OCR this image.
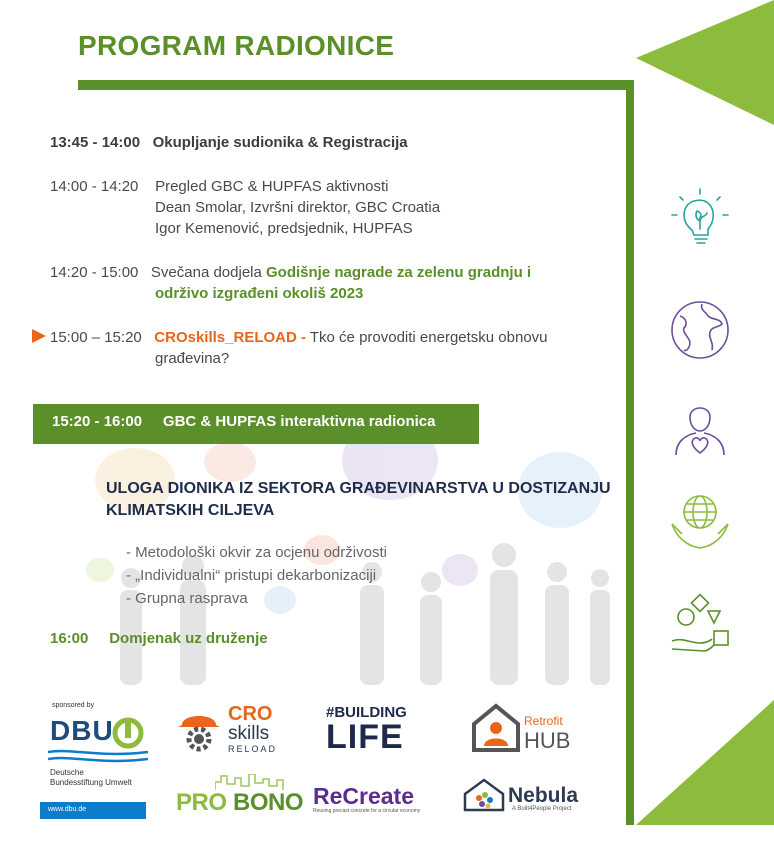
PROGRAM RADIONICE
13:45 - 14:00 Okupljanje sudionika & Registracija
14:00 - 14:20 Pregled GBC & HUPFAS aktivnosti
Dean Smolar, Izvršni direktor, GBC Croatia
Igor Kemenović, predsjednik, HUPFAS
14:20 - 15:00 Svečana dodjela Godišnje nagrade za zelenu gradnju i
održivo izgrađeni okoliš 2023
15:00 – 15:20 CROskills_RELOAD - Tko će provoditi energetsku obnovu
građevina?
15:20 - 16:00 GBC & HUPFAS interaktivna radionica
ULOGA DIONIKA IZ SEKTORA GRAĐEVINARSTVA U DOSTIZANJU
KLIMATSKIH CILJEVA
- Metodološki okvir za ocjenu održivosti
- „Individualni“ pristupi dekarbonizaciji
- Grupna rasprava
16:00 Domjenak uz druženje
sponsored by
DBU
Deutsche
Bundesstiftung Umwelt
www.dbu.de
CRO
skills
RELOAD
#BUILDING
LIFE	Retrofit
HUB
PRO BONO ReCreate
Reusing precast concrete for a circular economy
Nebula
A Built4People Project
